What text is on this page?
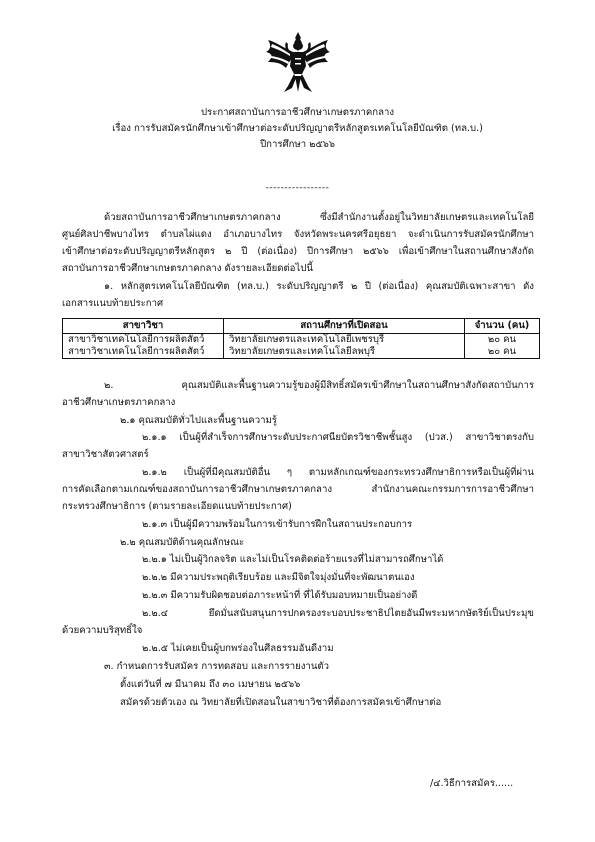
ประกาศสถาบันการอาชีวศึกษาเกษตรภาคกลาง
เรื่อง การรับสมัครนักศึกษาเข้าศึกษาต่อระดับปริญญาตรีหลักสูตรเทคโนโลยีบัณฑิต (ทล.บ.)
ปีการศึกษา ๒๕๖๖
-----------------
ด้วยสถาบันการอาชีวศึกษาเกษตรภาคกลาง ซึ่งมีสำนักงานตั้งอยู่ในวิทยาลัยเกษตรและเทคโนโลยี
ศูนย์ศิลปาชีพบางไทร ตำบลไผ่แดง อำเภอบางไทร จังหวัดพระนครศรีอยุธยา จะดำเนินการรับสมัครนักศึกษา
เข้าศึกษาต่อระดับปริญญาตรีหลักสูตร ๒ ปี (ต่อเนื่อง) ปีการศึกษา ๒๕๖๖ เพื่อเข้าศึกษาในสถานศึกษาสังกัด
สถาบันการอาชีวศึกษาเกษตรภาคกลาง ดังรายละเอียดต่อไปนี้
๑. หลักสูตรเทคโนโลยีบัณฑิต (ทล.บ.) ระดับปริญญาตรี ๒ ปี (ต่อเนื่อง) คุณสมบัติเฉพาะสาขา ดัง
เอกสารแนบท้ายประกาศ
สาขาวิชา	สถานศึกษาที่เปิดสอน	จำนวน (คน)
สาขาวิชาเทคโนโลยีการผลิตสัตว์	วิทยาลัยเกษตรและเทคโนโลยีเพชรบุรี	๒๐ คน
สาขาวิชาเทคโนโลยีการผลิตสัตว์	วิทยาลัยเกษตรและเทคโนโลยีลพบุรี	๒๐ คน
๒. คุณสมบัติและพื้นฐานความรู้ของผู้มีสิทธิ์สมัครเข้าศึกษาในสถานศึกษาสังกัดสถาบันการ
อาชีวศึกษาเกษตรภาคกลาง
๒.๑ คุณสมบัติทั่วไปและพื้นฐานความรู้
๒.๑.๑ เป็นผู้ที่สำเร็จการศึกษาระดับประกาศนียบัตรวิชาชีพชั้นสูง (ปวส.) สาขาวิชาตรงกับ
สาขาวิชาสัตวศาสตร์
๒.๑.๒ เป็นผู้ที่มีคุณสมบัติอื่น ๆ ตามหลักเกณฑ์ของกระทรวงศึกษาธิการหรือเป็นผู้ที่ผ่าน
การคัดเลือกตามเกณฑ์ของสถาบันการอาชีวศึกษาเกษตรภาคกลาง สำนักงานคณะกรรมการการอาชีวศึกษา
กระทรวงศึกษาธิการ (ตามรายละเอียดแนบท้ายประกาศ)
๒.๑.๓ เป็นผู้มีความพร้อมในการเข้ารับการฝึกในสถานประกอบการ
๒.๒ คุณสมบัติด้านคุณลักษณะ
๒.๒.๑ ไม่เป็นผู้วิกลจริต และไม่เป็นโรคติดต่อร้ายแรงที่ไม่สามารถศึกษาได้
๒.๒.๒ มีความประพฤติเรียบร้อย และมีจิตใจมุ่งมั่นที่จะพัฒนาตนเอง
๒.๒.๓ มีความรับผิดชอบต่อภาระหน้าที่ ที่ได้รับมอบหมายเป็นอย่างดี
๒.๒.๔ ยึดมั่นสนับสนุนการปกครองระบอบประชาธิปไตยอันมีพระมหากษัตริย์เป็นประมุข
ด้วยความบริสุทธิ์ใจ
๒.๒.๕ ไม่เคยเป็นผู้บกพร่องในศีลธรรมอันดีงาม
๓. กำหนดการรับสมัคร การทดสอบ และการรายงานตัว
ตั้งแต่วันที่ ๗ มีนาคม ถึง ๓๐ เมษายน ๒๕๖๖
สมัครด้วยตัวเอง ณ วิทยาลัยที่เปิดสอนในสาขาวิชาที่ต้องการสมัครเข้าศึกษาต่อ
/๔.วิธีการสมัคร......
